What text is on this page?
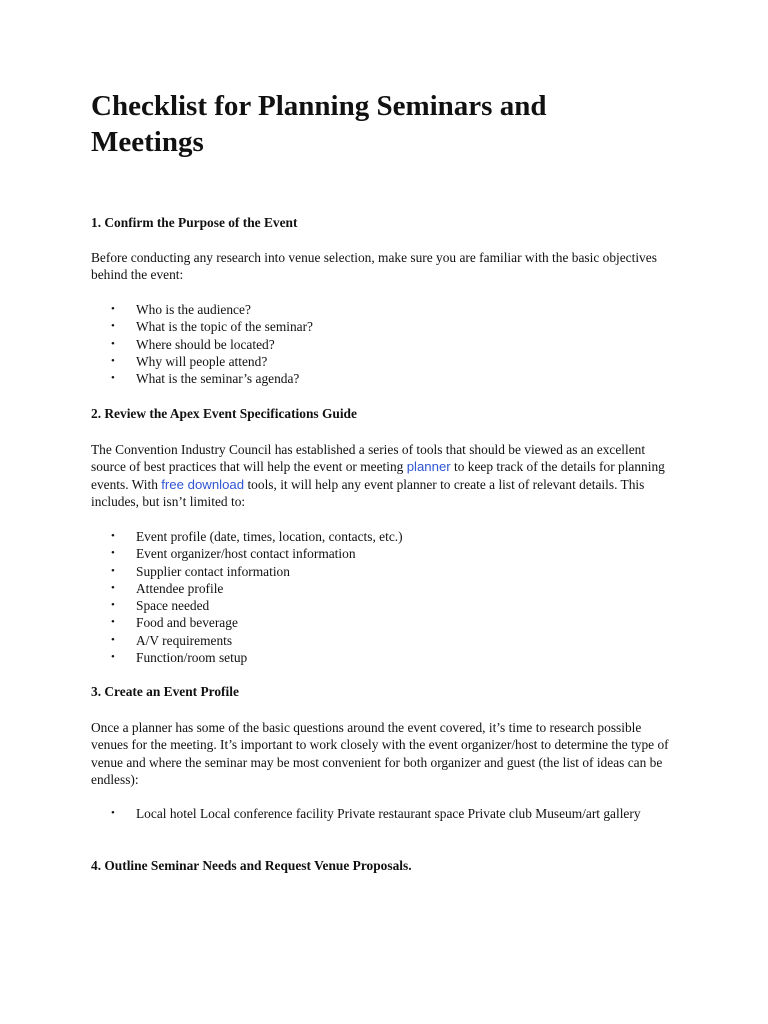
Checklist for Planning Seminars and Meetings
1. Confirm the Purpose of the Event

Before conducting any research into venue selection, make sure you are familiar with the basic objectives behind the event:

• Who is the audience?
• What is the topic of the seminar?
• Where should be located?
• Why will people attend?
• What is the seminar’s agenda?
2. Review the Apex Event Specifications Guide

The Convention Industry Council has established a series of tools that should be viewed as an excellent source of best practices that will help the event or meeting planner to keep track of the details for planning events. With free download tools, it will help any event planner to create a list of relevant details. This includes, but isn’t limited to:

• Event profile (date, times, location, contacts, etc.)
• Event organizer/host contact information
• Supplier contact information
• Attendee profile
• Space needed
• Food and beverage
• A/V requirements
• Function/room setup
3. Create an Event Profile

Once a planner has some of the basic questions around the event covered, it’s time to research possible venues for the meeting. It’s important to work closely with the event organizer/host to determine the type of venue and where the seminar may be most convenient for both organizer and guest (the list of ideas can be endless):

• Local hotel Local conference facility Private restaurant space Private club Museum/art gallery
4. Outline Seminar Needs and Request Venue Proposals.
